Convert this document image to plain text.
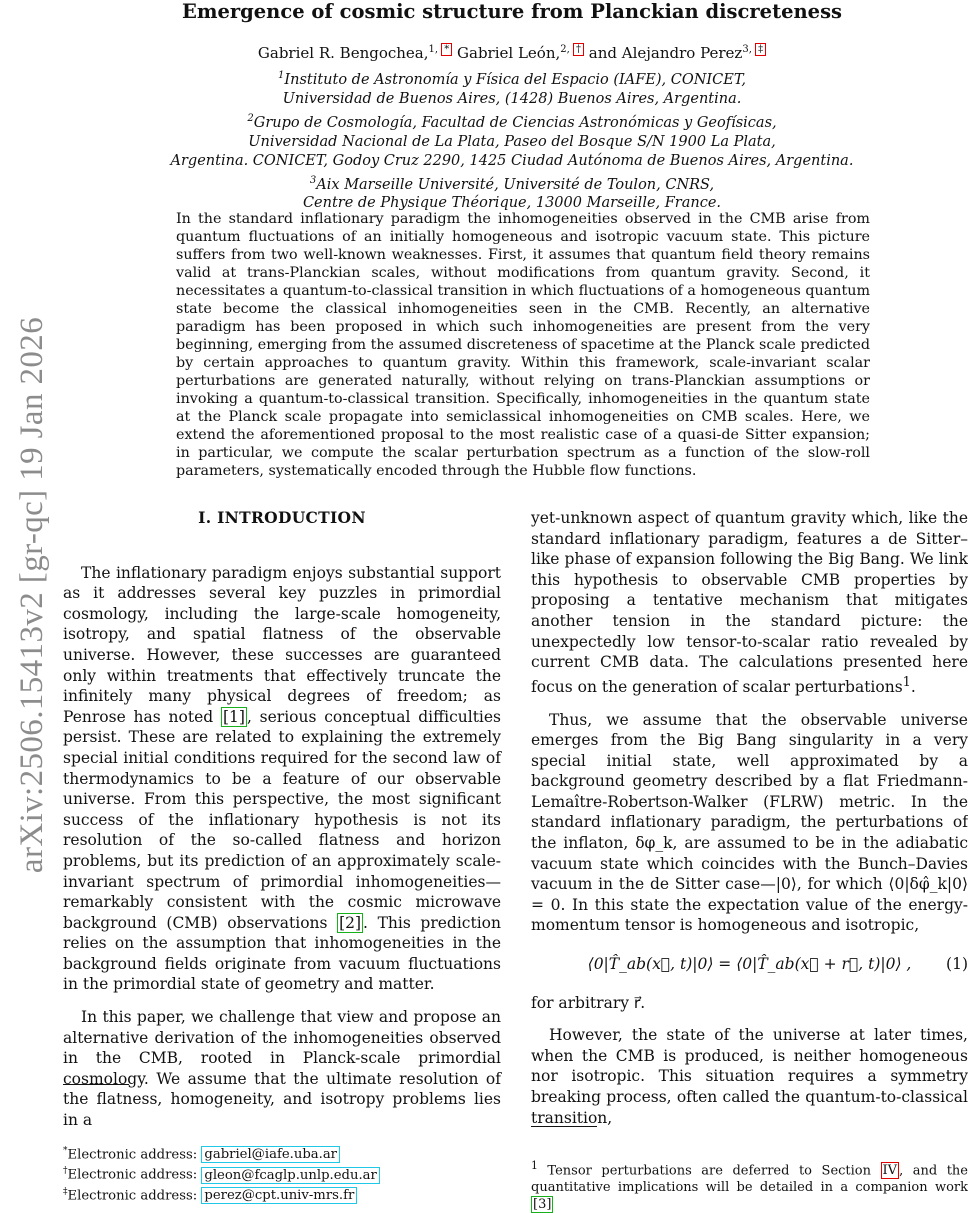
arXiv:2506.15413v2 [gr-qc] 19 Jan 2026
Emergence of cosmic structure from Planckian discreteness
Gabriel R. Bengochea,$^{1, *}$ Gabriel León,$^{2, \dagger}$ and Alejandro Perez$^{3, \ddagger}$
$^1$Instituto de Astronomía y Física del Espacio (IAFE), CONICET,
Universidad de Buenos Aires, (1428) Buenos Aires, Argentina.
$^2$Grupo de Cosmología, Facultad de Ciencias Astronómicas y Geofísicas,
Universidad Nacional de La Plata, Paseo del Bosque S/N 1900 La Plata,
Argentina. CONICET, Godoy Cruz 2290, 1425 Ciudad Autónoma de Buenos Aires, Argentina.
$^3$Aix Marseille Université, Université de Toulon, CNRS,
Centre de Physique Théorique, 13000 Marseille, France.
In the standard inflationary paradigm the inhomogeneities observed in the CMB arise from quantum fluctuations of an initially homogeneous and isotropic vacuum state. This picture suffers from two well-known weaknesses. First, it assumes that quantum field theory remains valid at trans-Planckian scales, without modifications from quantum gravity. Second, it necessitates a quantum-to-classical transition in which fluctuations of a homogeneous quantum state become the classical inhomogeneities seen in the CMB. Recently, an alternative paradigm has been proposed in which such inhomogeneities are present from the very beginning, emerging from the assumed discreteness of spacetime at the Planck scale predicted by certain approaches to quantum gravity. Within this framework, scale-invariant scalar perturbations are generated naturally, without relying on trans-Planckian assumptions or invoking a quantum-to-classical transition. Specifically, inhomogeneities in the quantum state at the Planck scale propagate into semiclassical inhomogeneities on CMB scales. Here, we extend the aforementioned proposal to the most realistic case of a quasi-de Sitter expansion; in particular, we compute the scalar perturbation spectrum as a function of the slow-roll parameters, systematically encoded through the Hubble flow functions.
I. INTRODUCTION

The inflationary paradigm enjoys substantial support as it addresses several key puzzles in primordial cosmology, including the large-scale homogeneity, isotropy, and spatial flatness of the observable universe. However, these successes are guaranteed only within treatments that effectively truncate the infinitely many physical degrees of freedom; as Penrose has noted [1] , serious conceptual difficulties persist. These are related to explaining the extremely special initial conditions required for the second law of thermodynamics to be a feature of our observable universe. From this perspective, the most significant success of the inflationary hypothesis is not its resolution of the so-called flatness and horizon problems, but its prediction of an approximately scale-invariant spectrum of primordial inhomogeneities—remarkably consistent with the cosmic microwave background (CMB) observations [2] . This prediction relies on the assumption that inhomogeneities in the background fields originate from vacuum fluctuations in the primordial state of geometry and matter.

In this paper, we challenge that view and propose an alternative derivation of the inhomogeneities observed in the CMB, rooted in Planck-scale primordial cosmology. We assume that the ultimate resolution of the flatness, homogeneity, and isotropy problems lies in a

yet-unknown aspect of quantum gravity which, like the standard inflationary paradigm, features a de Sitter–like phase of expansion following the Big Bang. We link this hypothesis to observable CMB properties by proposing a tentative mechanism that mitigates another tension in the standard picture: the unexpectedly low tensor-to-scalar ratio revealed by current CMB data. The calculations presented here focus on the generation of scalar perturbations$^1$.

Thus, we assume that the observable universe emerges from the Big Bang singularity in a very special initial state, well approximated by a background geometry described by a flat Friedmann-Lemaître-Robertson-Walker (FLRW) metric. In the standard inflationary paradigm, the perturbations of the inflaton, δφ_k, are assumed to be in the adiabatic vacuum state which coincides with the Bunch–Davies vacuum in the de Sitter case—|0⟩, for which ⟨0|δφ̂_k|0⟩ = 0. In this state the expectation value of the energy-momentum tensor is homogeneous and isotropic,

⟨0|T̂_ab(x⃗, t)|0⟩ = ⟨0|T̂_ab(x⃗ + r⃗, t)|0⟩ , (1)

for arbitrary r⃗.

However, the state of the universe at later times, when the CMB is produced, is neither homogeneous nor isotropic. This situation requires a symmetry breaking process, often called the quantum-to-classical transition,

*Electronic address: gabriel@iafe.uba.ar
†Electronic address: gleon@fcaglp.unlp.edu.ar
‡Electronic address: perez@cpt.univ-mrs.fr
$^1$ Tensor perturbations are deferred to Section IV , and the quantitative implications will be detailed in a companion work [3]
